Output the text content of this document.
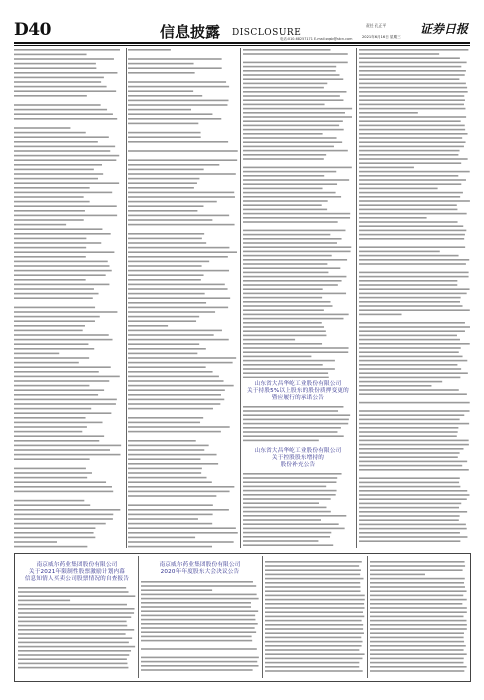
D40	信息披露 DISCLOSURE
电话:010-68257171 E-mail:zqsb@stcn.com
责任 孔正平
2021年6月16日 星期三
证券日报
山东省大昌华屹工业股份有限公司
关于持股5%以上股东的股份质押变更的
暨应履行的承诺公告
山东省大昌华屹工业股份有限公司
关于控股股东增持的
股份补充公告
南京威尔药业集团股份有限公司
关于2021年限制性股票激励计划内幕
信息知情人买卖公司股票情况的自查报告
南京威尔药业集团股份有限公司
2020年年度股东大会决议公告
